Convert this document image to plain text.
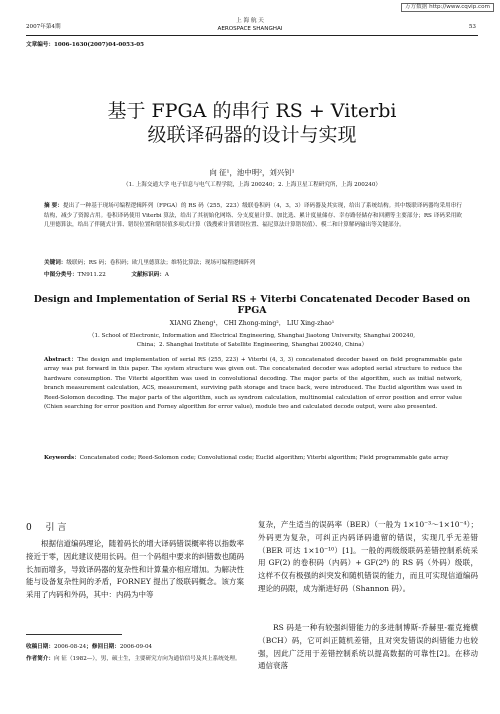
万方数据 http://www.cqvip.com
2007年第4期
上 海 航 天
AEROSPACE SHANGHAI	53
文章编号：1006-1630(2007)04-0053-05
基于 FPGA 的串行 RS + Viterbi
级联译码器的设计与实现
向 征¹，池中明²，刘兴钊¹
（1. 上海交通大学 电子信息与电气工程学院，上海 200240；2. 上海卫星工程研究所，上海 200240）
摘 要：提出了一种基于现场可编程逻辑阵列（FPGA）的 RS 码（255，223）级联卷积码（4，3，3）译码器及其实现，给出了系统结构。其中级联译码器均采用串行结构，减少了资源占用。卷积译码使用 Viterbi 算法，给出了其初始化网络、分支度量计算、加比选、累计度量储存、幸存路径储存和回溯等主要部分；RS 译码采用欧几里德算法，给出了伴随式计算、错误位置和错误值多项式计算（钱搜索计算错误位置、福尼算法计算错误值）、模二和计算解码输出等关键部分。
关键词：级联码；RS 码；卷积码；欧几里德算法；维特比算法；现场可编程逻辑阵列
中图分类号：TN911.22	文献标识码：A
Design and Implementation of Serial RS + Viterbi Concatenated Decoder Based on FPGA
XIANG Zheng¹， CHI Zhong-ming²， LIU Xing-zhao¹
（1. School of Electronic, Information and Electrical Engineering, Shanghai Jiaotong University, Shanghai 200240,
China；2. Shanghai Institute of Satellite Engineering, Shanghai 200240, China）
Abstract：The design and implementation of serial RS (255, 223) + Viterbi (4, 3, 3) concatenated decoder based on field programmable gate array was put forward in this paper. The system structure was given out. The concatenated decoder was adopted serial structure to reduce the hardware consumption. The Viterbi algorithm was used in convolutional decoding. The major parts of the algorithm, such as initial network, branch measurement calculation, ACS, measurement, surviving path storage and trace back, were introduced. The Euclid algorithm was used in Reed-Solomon decoding. The major parts of the algorithm, such as syndrom calculation, multinomial calculation of error position and error value (Chien searching for error position and Forney algorithm for error value), module two and calculated decode output, were also presented.
Keywords：Concatenated code; Reed-Solomon code; Convolutional code; Euclid algorithm; Viterbi algorithm; Field programmable gate array
0 引 言
根据信道编码理论，随着码长的增大译码错误概率将以指数率接近于零，因此建议使用长码。但一个码组中要求的纠错数也随码长加而增多，导致译码器的复杂性和计算量亦相应增加。为解决性能与设备复杂性间的矛盾，FORNEY 提出了级联码概念。该方案采用了内码和外码，其中：内码为中等
收稿日期：2006-08-24；修回日期：2006-09-04
作者简介：向 征（1982—），男，硕士生，主要研究方向为通信信号及其上系统处理。
复杂，产生适当的误码率（BER）（一般为 1×10⁻³～1×10⁻⁴）；外码更为复杂，可纠正内码译码遗留的错误，实现几乎无差错（BER 可达 1×10⁻¹⁰）[1]。一般的两级级联码差错控制系统采用 GF(2) 的卷积码（内码）+ GF(2⁸) 的 RS 码（外码）级联，这样不仅有极强的纠突发和随机错误的能力，而且可实现信道编码理论的码限，成为渐进好码（Shannon 码）。
RS 码是一种有较强纠错能力的多进制博斯-乔赫里-霍克掩横（BCH）码，它可纠正随机差错，且对突发错误的纠错能力也较强，因此广泛用于差错控制系统以提高数据的可靠性[2]。在移动通信衰落
